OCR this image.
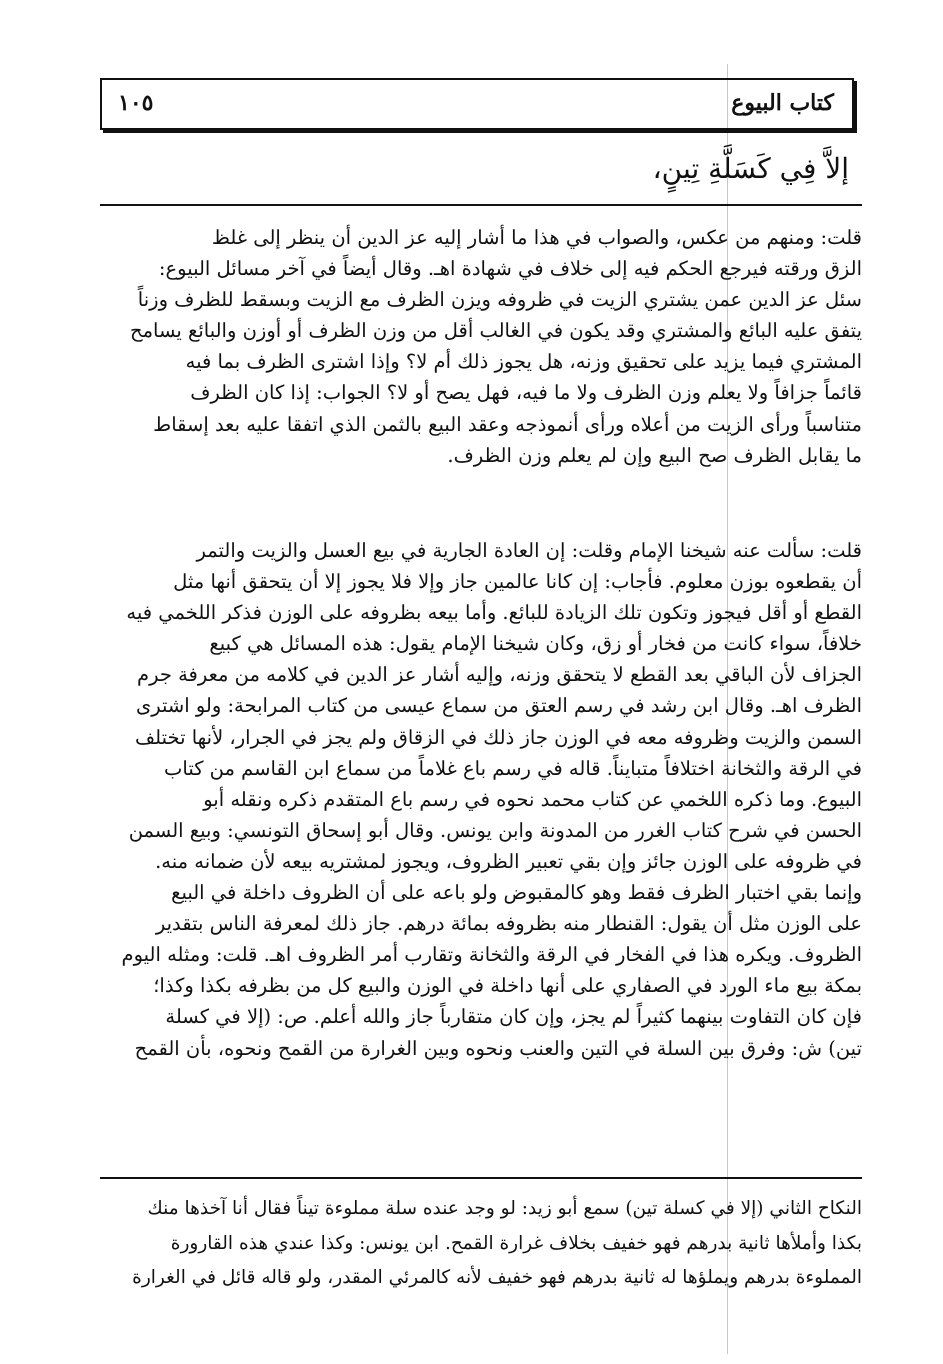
كتاب البيوع
١٠٥
إلاَّ فِي كَسَلَّةِ تِينٍ،
قلت: ومنهم من عكس، والصواب في هذا ما أشار إليه عز الدين أن ينظر إلى غلظ
الزق ورقته فيرجع الحكم فيه إلى خلاف في شهادة اهـ. وقال أيضاً في آخر مسائل البيوع:
سئل عز الدين عمن يشتري الزيت في ظروفه ويزن الظرف مع الزيت وبسقط للظرف وزناً
يتفق عليه البائع والمشتري وقد يكون في الغالب أقل من وزن الظرف أو أوزن والبائع يسامح
المشتري فيما يزيد على تحقيق وزنه، هل يجوز ذلك أم لا؟ وإذا اشترى الظرف بما فيه
قائماً جزافاً ولا يعلم وزن الظرف ولا ما فيه، فهل يصح أو لا؟ الجواب: إذا كان الظرف
متناسباً ورأى الزيت من أعلاه ورأى أنموذجه وعقد البيع بالثمن الذي اتفقا عليه بعد إسقاط
ما يقابل الظرف صح البيع وإن لم يعلم وزن الظرف.
قلت: سألت عنه شيخنا الإمام وقلت: إن العادة الجارية في بيع العسل والزيت والتمر
أن يقطعوه بوزن معلوم. فأجاب: إن كانا عالمين جاز وإلا فلا يجوز إلا أن يتحقق أنها مثل
القطع أو أقل فيجوز وتكون تلك الزيادة للبائع. وأما بيعه بظروفه على الوزن فذكر اللخمي فيه
خلافاً، سواء كانت من فخار أو زق، وكان شيخنا الإمام يقول: هذه المسائل هي كبيع
الجزاف لأن الباقي بعد القطع لا يتحقق وزنه، وإليه أشار عز الدين في كلامه من معرفة جرم
الظرف اهـ. وقال ابن رشد في رسم العتق من سماع عيسى من كتاب المرابحة: ولو اشترى
السمن والزيت وظروفه معه في الوزن جاز ذلك في الزقاق ولم يجز في الجرار، لأنها تختلف
في الرقة والثخانة اختلافاً متبايناً. قاله في رسم باع غلاماً من سماع ابن القاسم من كتاب
البيوع. وما ذكره اللخمي عن كتاب محمد نحوه في رسم باع المتقدم ذكره ونقله أبو
الحسن في شرح كتاب الغرر من المدونة وابن يونس. وقال أبو إسحاق التونسي: وبيع السمن
في ظروفه على الوزن جائز وإن بقي تعبير الظروف، ويجوز لمشتريه بيعه لأن ضمانه منه.
وإنما بقي اختبار الظرف فقط وهو كالمقبوض ولو باعه على أن الظروف داخلة في البيع
على الوزن مثل أن يقول: القنطار منه بظروفه بمائة درهم. جاز ذلك لمعرفة الناس بتقدير
الظروف. ويكره هذا في الفخار في الرقة والثخانة وتقارب أمر الظروف اهـ. قلت: ومثله اليوم
بمكة بيع ماء الورد في الصفاري على أنها داخلة في الوزن والبيع كل من بظرفه بكذا وكذا؛
فإن كان التفاوت بينهما كثيراً لم يجز، وإن كان متقارباً جاز والله أعلم. ص: (إلا في كسلة
تين) ش: وفرق بين السلة في التين والعنب ونحوه وبين الغرارة من القمح ونحوه، بأن القمح
النكاح الثاني (إلا في كسلة تين) سمع أبو زيد: لو وجد عنده سلة مملوءة تيناً فقال أنا آخذها منك
بكذا وأملأها ثانية بدرهم فهو خفيف بخلاف غرارة القمح. ابن يونس: وكذا عندي هذه القارورة
المملوءة بدرهم ويملؤها له ثانية بدرهم فهو خفيف لأنه كالمرئي المقدر، ولو قاله قائل في الغرارة
